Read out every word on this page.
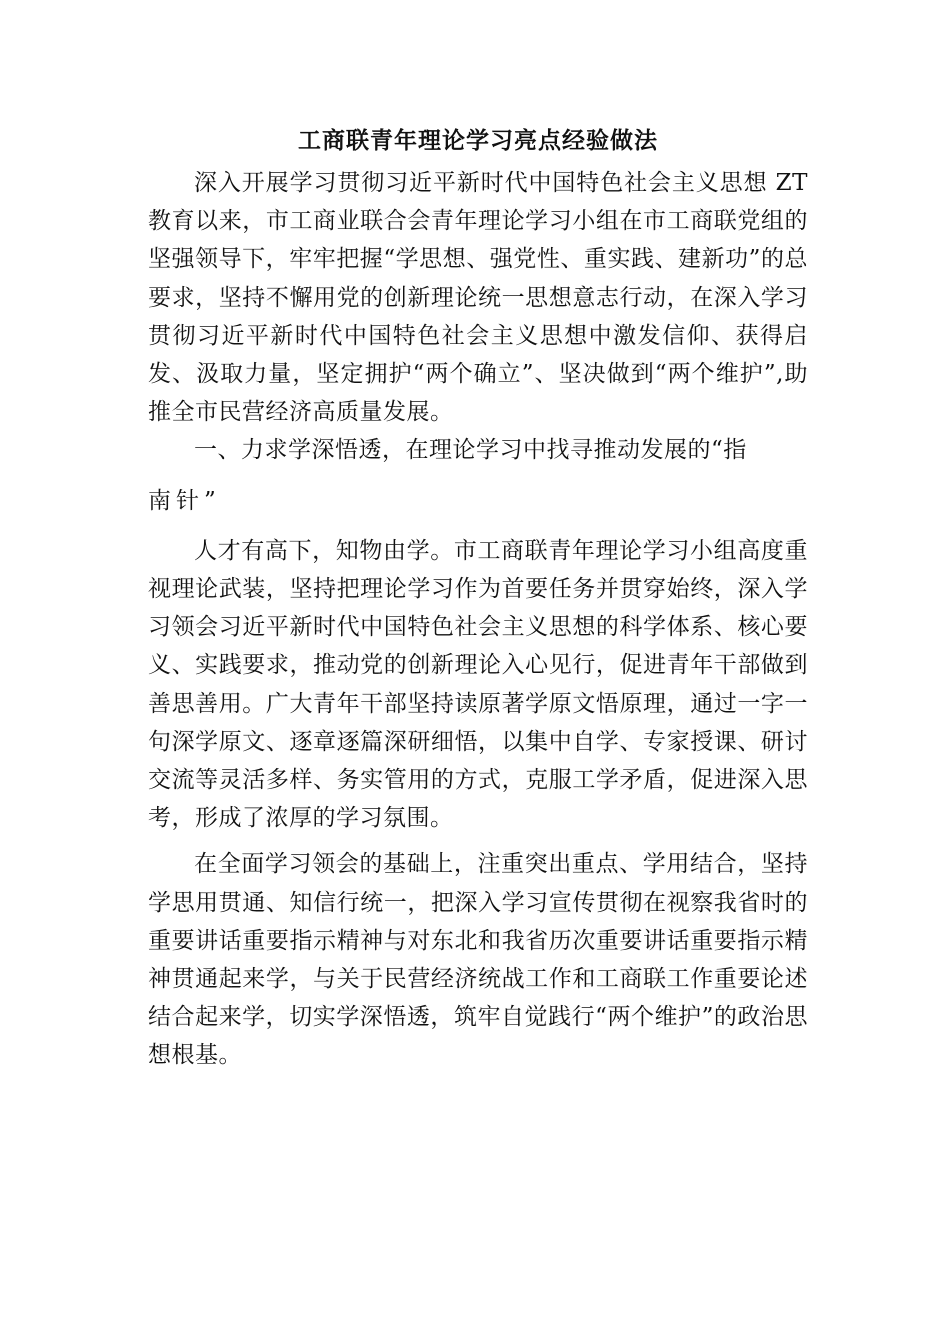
工商联青年理论学习亮点经验做法

深入开展学习贯彻习近平新时代中国特色社会主义思想 ZT 教育以来，市工商业联合会青年理论学习小组在市工商联党组的坚强领导下，牢牢把握“学思想、强党性、重实践、建新功”的总要求，坚持不懈用党的创新理论统一思想意志行动，在深入学习贯彻习近平新时代中国特色社会主义思想中激发信仰、获得启发、汲取力量，坚定拥护“两个确立”、坚决做到“两个维护”,助推全市民营经济高质量发展。

一、力求学深悟透，在理论学习中找寻推动发展的“指
南针”

人才有高下，知物由学。市工商联青年理论学习小组高度重视理论武装，坚持把理论学习作为首要任务并贯穿始终，深入学习领会习近平新时代中国特色社会主义思想的科学体系、核心要义、实践要求，推动党的创新理论入心见行，促进青年干部做到善思善用。广大青年干部坚持读原著学原文悟原理，通过一字一句深学原文、逐章逐篇深研细悟，以集中自学、专家授课、研讨交流等灵活多样、务实管用的方式，克服工学矛盾，促进深入思考，形成了浓厚的学习氛围。

在全面学习领会的基础上，注重突出重点、学用结合，坚持学思用贯通、知信行统一，把深入学习宣传贯彻在视察我省时的重要讲话重要指示精神与对东北和我省历次重要讲话重要指示精神贯通起来学，与关于民营经济统战工作和工商联工作重要论述结合起来学，切实学深悟透，筑牢自觉践行“两个维护”的政治思想根基。
